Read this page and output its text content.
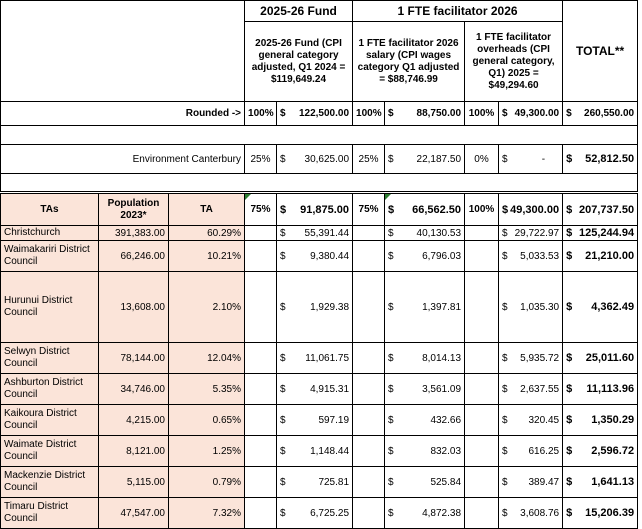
			2025-26 Fund		1 FTE facilitator 2026				TOTAL**
			2025-26 Fund (CPI general category adjusted, Q1 2024 = $119,649.24		1 FTE facilitator 2026 salary (CPI wages category Q1 adjusted = $88,746.99		1 FTE facilitator overheads (CPI general category, Q1) 2025 = $49,294.60		
Rounded ->			100%	$ 122,500.00	100%	$ 88,750.00	100%	$ 49,300.00	$ 260,550.00

Environment Canterbury			25%	$ 30,625.00	25%	$ 22,187.50	0%	$ -	$ 52,812.50

TAs	Population 2023*	TA	75%	$ 91,875.00	75%	$ 66,562.50	100%	$ 49,300.00	$ 207,737.50

Christchurch	391,383.00	60.29%		$ 55,391.44		$ 40,130.53		$ 29,722.97	$ 125,244.94

Waimakariri District Council	66,246.00	10.21%		$ 9,380.44		$ 6,796.03		$ 5,033.53	$ 21,210.00

Hurunui District Council	13,608.00	2.10%		$ 1,929.38		$ 1,397.81		$ 1,035.30	$ 4,362.49

Selwyn District Council	78,144.00	12.04%		$ 11,061.75		$ 8,014.13		$ 5,935.72	$ 25,011.60

Ashburton District Council	34,746.00	5.35%		$ 4,915.31		$ 3,561.09		$ 2,637.55	$ 11,113.96

Kaikoura District Council	4,215.00	0.65%		$ 597.19		$ 432.66		$ 320.45	$ 1,350.29

Waimate District Council	8,121.00	1.25%		$ 1,148.44		$ 832.03		$ 616.25	$ 2,596.72

Mackenzie District Council	5,115.00	0.79%		$ 725.81		$ 525.84		$ 389.47	$ 1,641.13

Timaru District Council	47,547.00	7.32%		$ 6,725.25		$ 4,872.38		$ 3,608.76	$ 15,206.39
